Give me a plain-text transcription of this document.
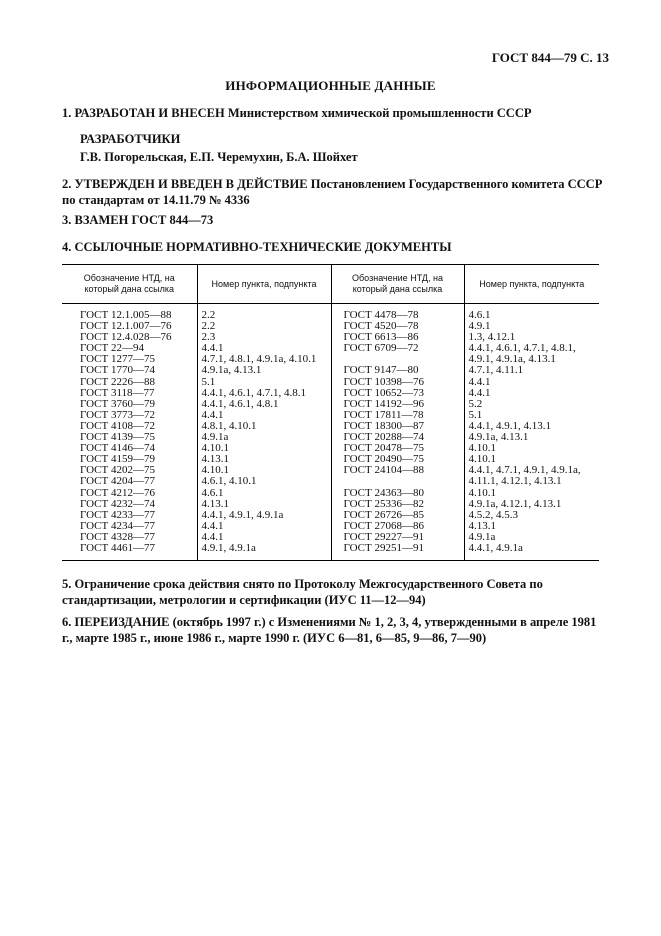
ГОСТ 844—79 С. 13
ИНФОРМАЦИОННЫЕ ДАННЫЕ
1. РАЗРАБОТАН И ВНЕСЕН Министерством химической промышленности СССР
РАЗРАБОТЧИКИ
Г.В. Погорельская, Е.П. Черемухин, Б.А. Шойхет
2. УТВЕРЖДЕН И ВВЕДЕН В ДЕЙСТВИЕ Постановлением Государственного комитета СССР по стандартам от 14.11.79 № 4336
3. ВЗАМЕН ГОСТ 844—73
4. ССЫЛОЧНЫЕ НОРМАТИВНО-ТЕХНИЧЕСКИЕ ДОКУМЕНТЫ
Обозначение НТД, на который дана ссылка	Номер пункта, подпункта	Обозначение НТД, на который дана ссылка	Номер пункта, подпункта
ГОСТ 12.1.005—88	2.2	ГОСТ 4478—78	4.6.1
ГОСТ 12.1.007—76	2.2	ГОСТ 4520—78	4.9.1
ГОСТ 12.4.028—76	2.3	ГОСТ 6613—86	1.3, 4.12.1
ГОСТ 22—94	4.4.1	ГОСТ 6709—72	4.4.1, 4.6.1, 4.7.1, 4.8.1,
ГОСТ 1277—75	4.7.1, 4.8.1, 4.9.1а, 4.10.1		4.9.1, 4.9.1а, 4.13.1
ГОСТ 1770—74	4.9.1а, 4.13.1	ГОСТ 9147—80	4.7.1, 4.11.1
ГОСТ 2226—88	5.1	ГОСТ 10398—76	4.4.1
ГОСТ 3118—77	4.4.1, 4.6.1, 4.7.1, 4.8.1	ГОСТ 10652—73	4.4.1
ГОСТ 3760—79	4.4.1, 4.6.1, 4.8.1	ГОСТ 14192—96	5.2
ГОСТ 3773—72	4.4.1	ГОСТ 17811—78	5.1
ГОСТ 4108—72	4.8.1, 4.10.1	ГОСТ 18300—87	4.4.1, 4.9.1, 4.13.1
ГОСТ 4139—75	4.9.1а	ГОСТ 20288—74	4.9.1а, 4.13.1
ГОСТ 4146—74	4.10.1	ГОСТ 20478—75	4.10.1
ГОСТ 4159—79	4.13.1	ГОСТ 20490—75	4.10.1
ГОСТ 4202—75	4.10.1	ГОСТ 24104—88	4.4.1, 4.7.1, 4.9.1, 4.9.1а,
ГОСТ 4204—77	4.6.1, 4.10.1		4.11.1, 4.12.1, 4.13.1
ГОСТ 4212—76	4.6.1	ГОСТ 24363—80	4.10.1
ГОСТ 4232—74	4.13.1	ГОСТ 25336—82	4.9.1а, 4.12.1, 4.13.1
ГОСТ 4233—77	4.4.1, 4.9.1, 4.9.1а	ГОСТ 26726—85	4.5.2, 4.5.3
ГОСТ 4234—77	4.4.1	ГОСТ 27068—86	4.13.1
ГОСТ 4328—77	4.4.1	ГОСТ 29227—91	4.9.1а
ГОСТ 4461—77	4.9.1, 4.9.1а	ГОСТ 29251—91	4.4.1, 4.9.1а
5. Ограничение срока действия снято по Протоколу Межгосударственного Совета по стандартизации, метрологии и сертификации (ИУС 11—12—94)
6. ПЕРЕИЗДАНИЕ (октябрь 1997 г.) с Изменениями № 1, 2, 3, 4, утвержденными в апреле 1981 г., марте 1985 г., июне 1986 г., марте 1990 г. (ИУС 6—81, 6—85, 9—86, 7—90)
